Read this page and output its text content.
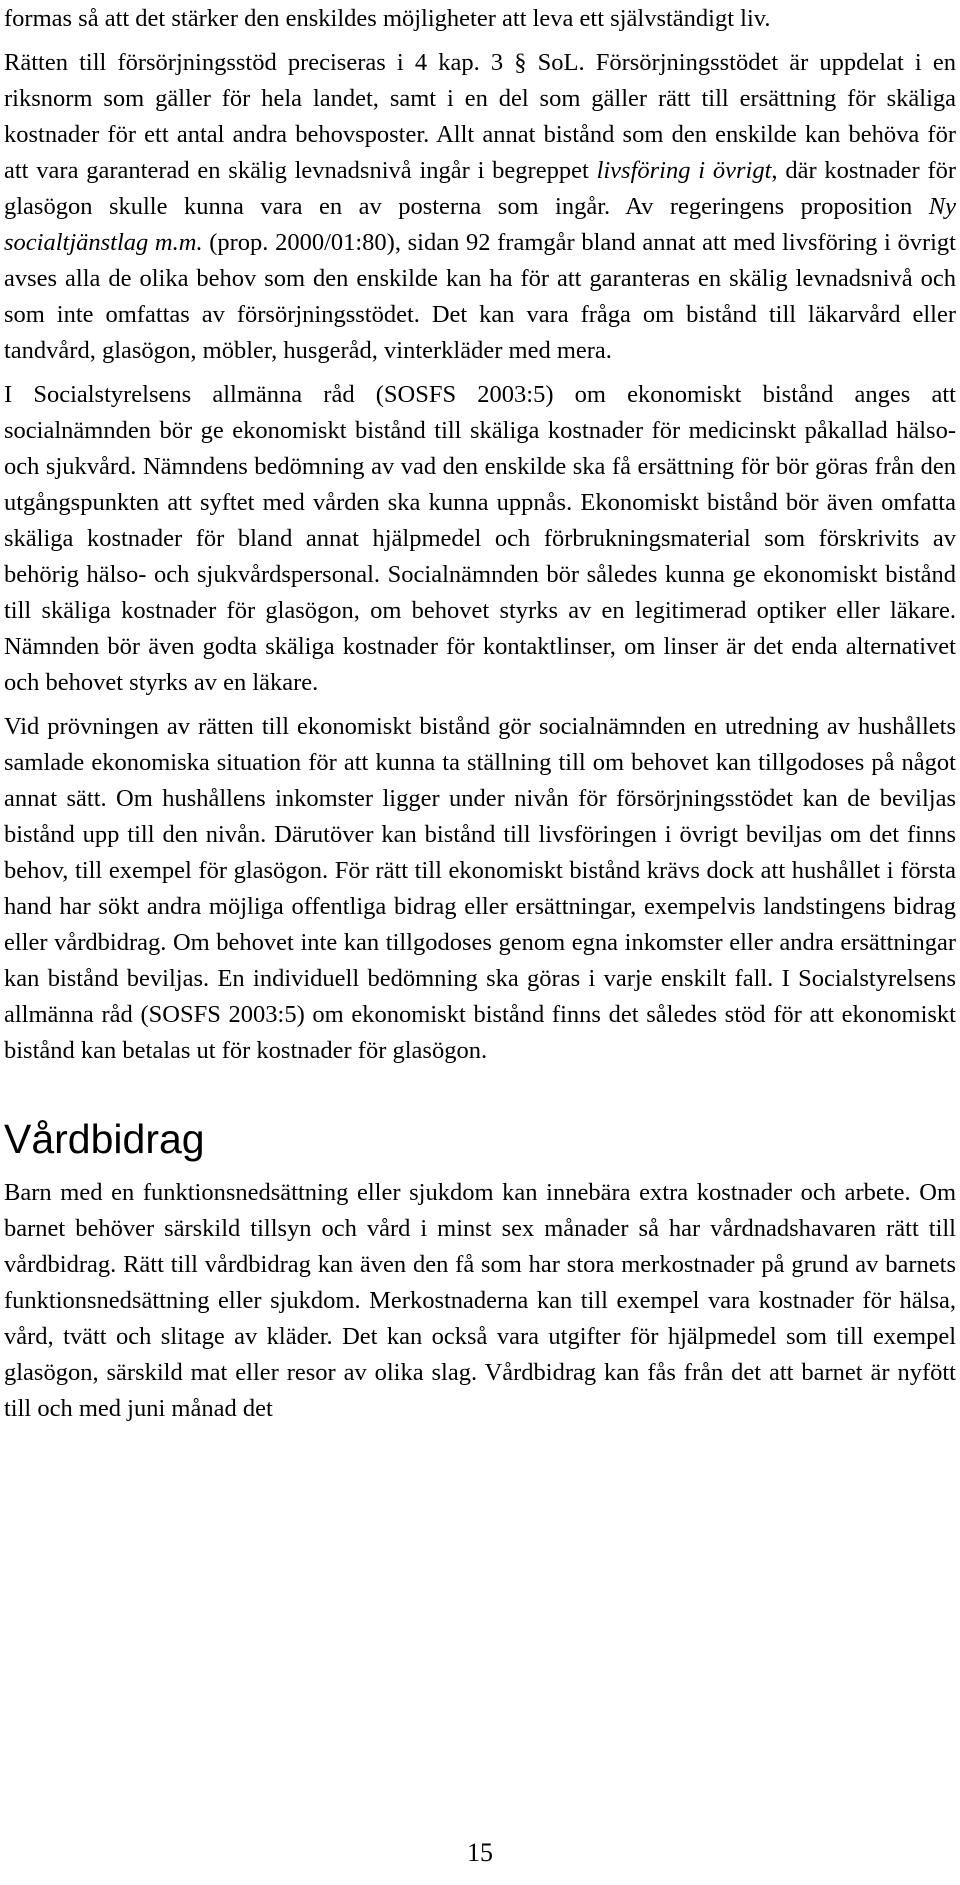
formas så att det stärker den enskildes möjligheter att leva ett självständigt liv.

Rätten till försörjningsstöd preciseras i 4 kap. 3 § SoL. Försörjningsstödet är uppdelat i en riksnorm som gäller för hela landet, samt i en del som gäller rätt till ersättning för skäliga kostnader för ett antal andra behovsposter. Allt annat bistånd som den enskilde kan behöva för att vara garanterad en skälig levnadsnivå ingår i begreppet livsföring i övrigt, där kostnader för glasögon skulle kunna vara en av posterna som ingår. Av regeringens proposition Ny socialtjänstlag m.m. (prop. 2000/01:80), sidan 92 framgår bland annat att med livsföring i övrigt avses alla de olika behov som den enskilde kan ha för att garanteras en skälig levnadsnivå och som inte omfattas av försörjningsstödet. Det kan vara fråga om bistånd till läkarvård eller tandvård, glasögon, möbler, husgeråd, vinterkläder med mera.

I Socialstyrelsens allmänna råd (SOSFS 2003:5) om ekonomiskt bistånd anges att socialnämnden bör ge ekonomiskt bistånd till skäliga kostnader för medicinskt påkallad hälso- och sjukvård. Nämndens bedömning av vad den enskilde ska få ersättning för bör göras från den utgångspunkten att syftet med vården ska kunna uppnås. Ekonomiskt bistånd bör även omfatta skäliga kostnader för bland annat hjälpmedel och förbrukningsmaterial som förskrivits av behörig hälso- och sjukvårdspersonal. Socialnämnden bör således kunna ge ekonomiskt bistånd till skäliga kostnader för glasögon, om behovet styrks av en legitimerad optiker eller läkare. Nämnden bör även godta skäliga kostnader för kontaktlinser, om linser är det enda alternativet och behovet styrks av en läkare.

Vid prövningen av rätten till ekonomiskt bistånd gör socialnämnden en utredning av hushållets samlade ekonomiska situation för att kunna ta ställning till om behovet kan tillgodoses på något annat sätt. Om hushållens inkomster ligger under nivån för försörjningsstödet kan de beviljas bistånd upp till den nivån. Därutöver kan bistånd till livsföringen i övrigt beviljas om det finns behov, till exempel för glasögon. För rätt till ekonomiskt bistånd krävs dock att hushållet i första hand har sökt andra möjliga offentliga bidrag eller ersättningar, exempelvis landstingens bidrag eller vårdbidrag. Om behovet inte kan tillgodoses genom egna inkomster eller andra ersättningar kan bistånd beviljas. En individuell bedömning ska göras i varje enskilt fall. I Socialstyrelsens allmänna råd (SOSFS 2003:5) om ekonomiskt bistånd finns det således stöd för att ekonomiskt bistånd kan betalas ut för kostnader för glasögon.

Vårdbidrag

Barn med en funktionsnedsättning eller sjukdom kan innebära extra kostnader och arbete. Om barnet behöver särskild tillsyn och vård i minst sex månader så har vårdnadshavaren rätt till vårdbidrag. Rätt till vårdbidrag kan även den få som har stora merkostnader på grund av barnets funktionsnedsättning eller sjukdom. Merkostnaderna kan till exempel vara kostnader för hälsa, vård, tvätt och slitage av kläder. Det kan också vara utgifter för hjälpmedel som till exempel glasögon, särskild mat eller resor av olika slag. Vårdbidrag kan fås från det att barnet är nyfött till och med juni månad det

15
